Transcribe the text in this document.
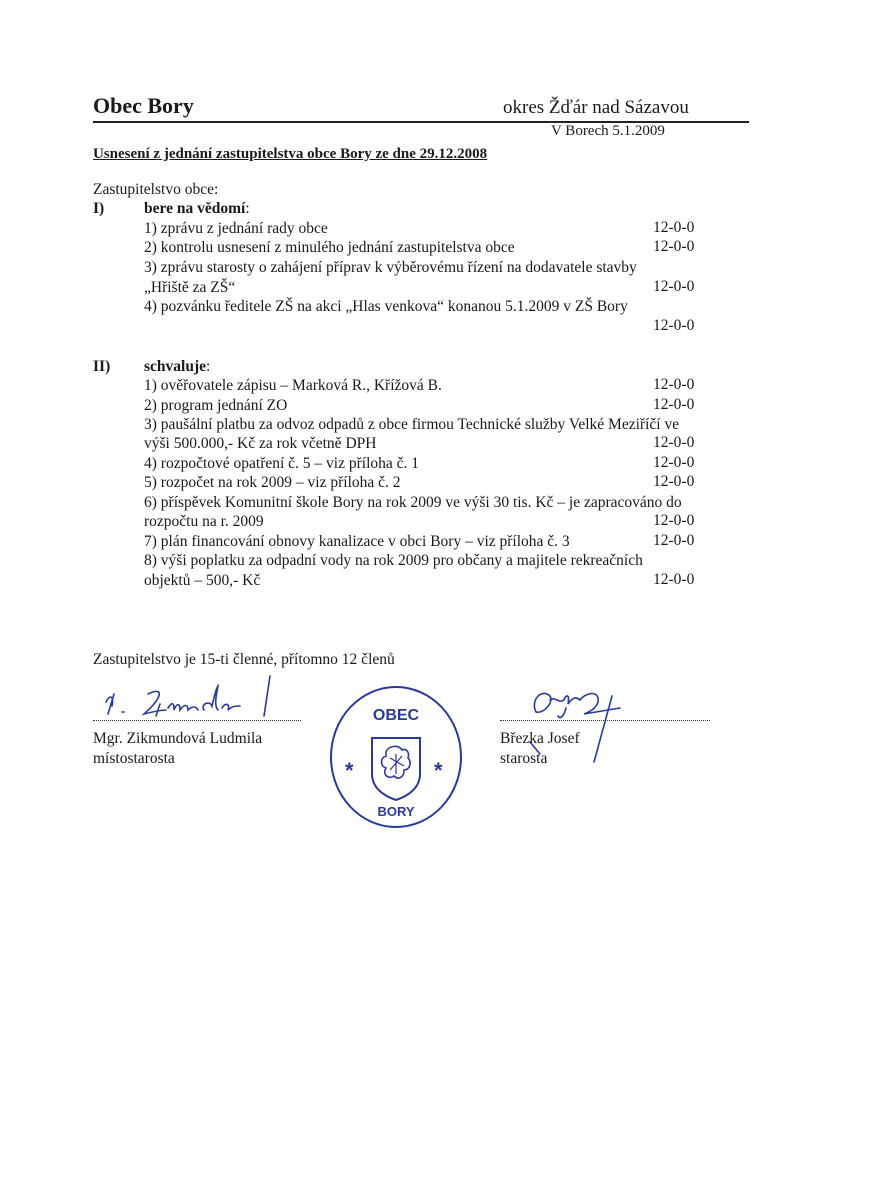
Obec Bory	okres Žďár nad Sázavou
V Borech 5.1.2009
Usnesení z jednání zastupitelstva obce Bory ze dne 29.12.2008
Zastupitelstvo obce:
I)	bere na vědomí:
1) zprávu z jednání rady obce	12-0-0
2) kontrolu usnesení z minulého jednání zastupitelstva obce	12-0-0
3) zprávu starosty o zahájení příprav k výběrovému řízení na dodavatele stavby
„Hřiště za ZŠ“	12-0-0
4) pozvánku ředitele ZŠ na akci „Hlas venkova“ konanou 5.1.2009 v ZŠ Bory
12-0-0
II) schvaluje:
1) ověřovatele zápisu – Marková R., Křížová B.	12-0-0
2) program jednání ZO	12-0-0
3) paušální platbu za odvoz odpadů z obce firmou Technické služby Velké Meziříčí ve
výši 500.000,- Kč za rok včetně DPH	12-0-0
4) rozpočtové opatření č. 5 – viz příloha č. 1	12-0-0
5) rozpočet na rok 2009 – viz příloha č. 2	12-0-0
6) příspěvek Komunitní škole Bory na rok 2009 ve výši 30 tis. Kč – je zapracováno do
rozpočtu na r. 2009	12-0-0
7) plán financování obnovy kanalizace v obci Bory – viz příloha č. 3	12-0-0
8) výši poplatku za odpadní vody na rok 2009 pro občany a majitele rekreačních
objektů – 500,- Kč	12-0-0
Zastupitelstvo je 15-ti členné, přítomno 12 členů
Mgr. Zikmundová Ludmila
místostarosta
OBEC
BORY
*	*
Březka Josef
starosta
